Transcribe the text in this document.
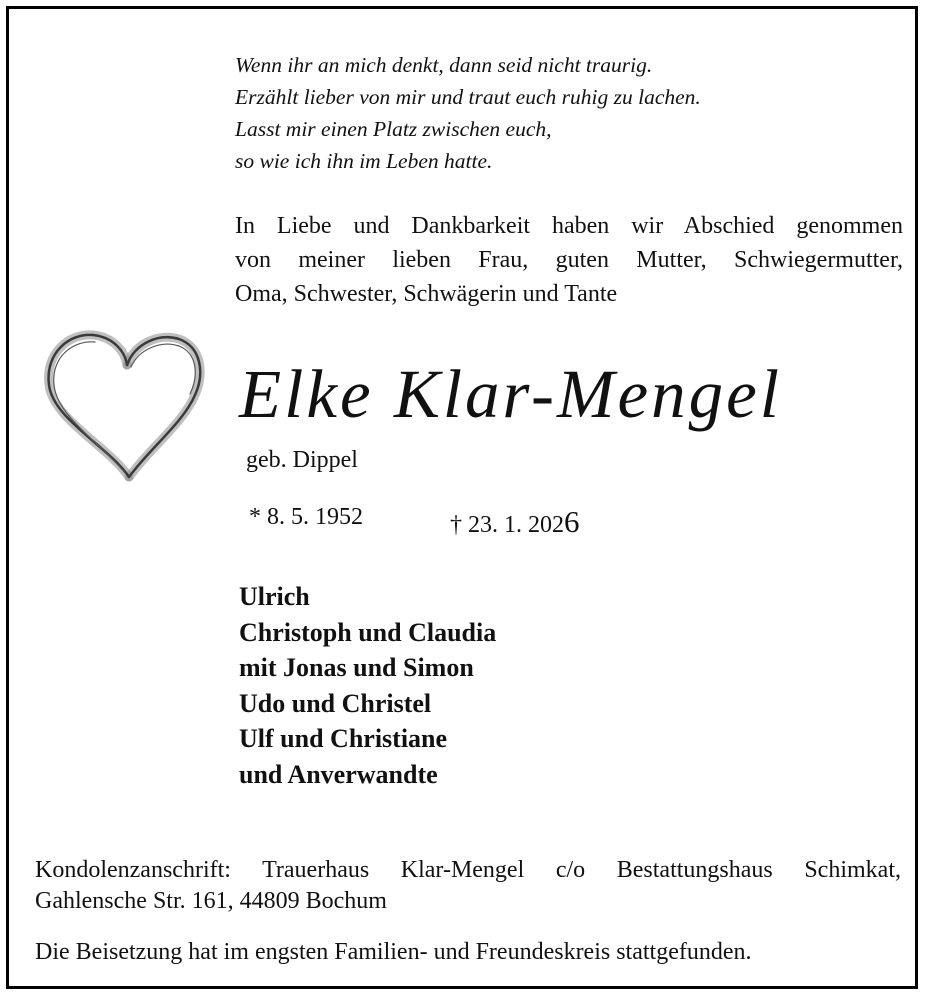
Wenn ihr an mich denkt, dann seid nicht traurig.
Erzählt lieber von mir und traut euch ruhig zu lachen.
Lasst mir einen Platz zwischen euch,
so wie ich ihn im Leben hatte.
In Liebe und Dankbarkeit haben wir Abschied genommen
von meiner lieben Frau, guten Mutter, Schwiegermutter,
Oma, Schwester, Schwägerin und Tante
Elke Klar-Mengel
geb. Dippel
* 8. 5. 1952	† 23. 1. 2026
Ulrich
Christoph und Claudia
mit Jonas und Simon
Udo und Christel
Ulf und Christiane
und Anverwandte
Kondolenzanschrift: Trauerhaus Klar-Mengel c/o Bestattungshaus Schimkat,
Gahlensche Str. 161, 44809 Bochum
Die Beisetzung hat im engsten Familien- und Freundeskreis stattgefunden.
